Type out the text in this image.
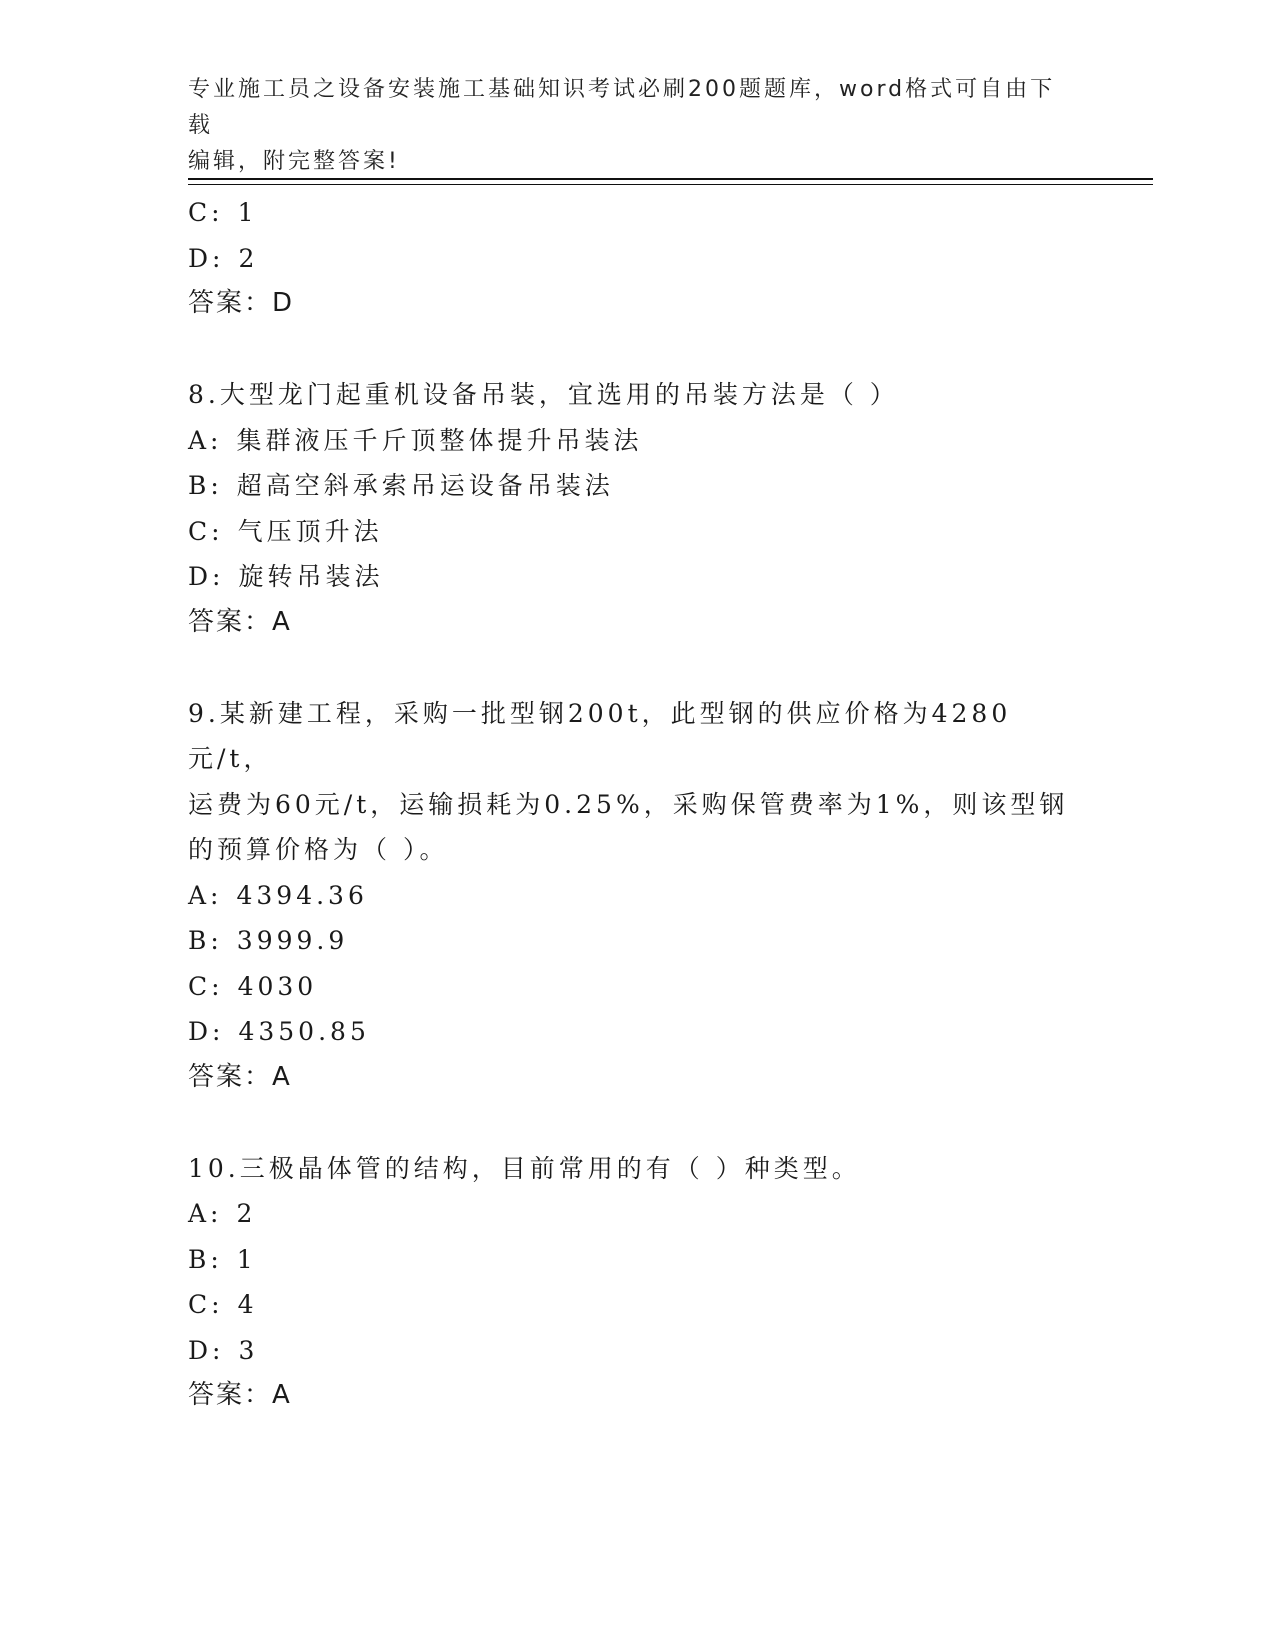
专业施工员之设备安装施工基础知识考试必刷200题题库，word格式可自由下载
编辑，附完整答案!
C: 1
D: 2
答案：D
8.大型龙门起重机设备吊装，宜选用的吊装方法是（ ）
A: 集群液压千斤顶整体提升吊装法
B: 超高空斜承索吊运设备吊装法
C: 气压顶升法
D: 旋转吊装法
答案：A
9.某新建工程，采购一批型钢200t，此型钢的供应价格为4280元/t，
运费为60元/t，运输损耗为0.25%，采购保管费率为1%，则该型钢
的预算价格为（ ）。
A: 4394.36
B: 3999.9
C: 4030
D: 4350.85
答案：A
10.三极晶体管的结构，目前常用的有（ ）种类型。
A: 2
B: 1
C: 4
D: 3
答案：A
